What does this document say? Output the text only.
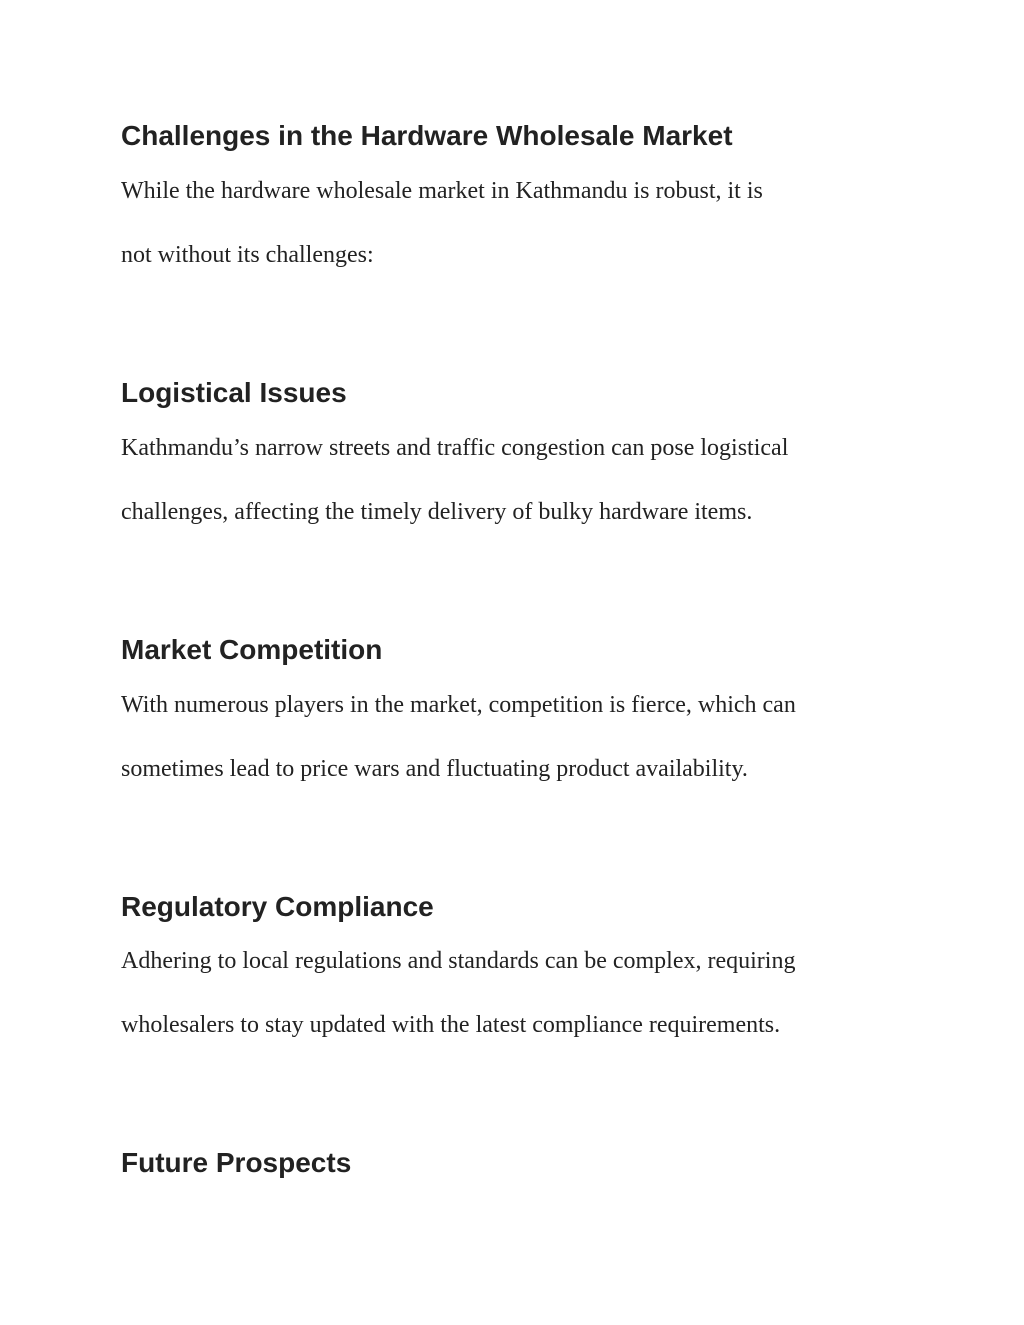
Challenges in the Hardware Wholesale Market

While the hardware wholesale market in Kathmandu is robust, it is

not without its challenges:

Logistical Issues

Kathmandu’s narrow streets and traffic congestion can pose logistical

challenges, affecting the timely delivery of bulky hardware items.

Market Competition

With numerous players in the market, competition is fierce, which can

sometimes lead to price wars and fluctuating product availability.

Regulatory Compliance

Adhering to local regulations and standards can be complex, requiring

wholesalers to stay updated with the latest compliance requirements.

Future Prospects
